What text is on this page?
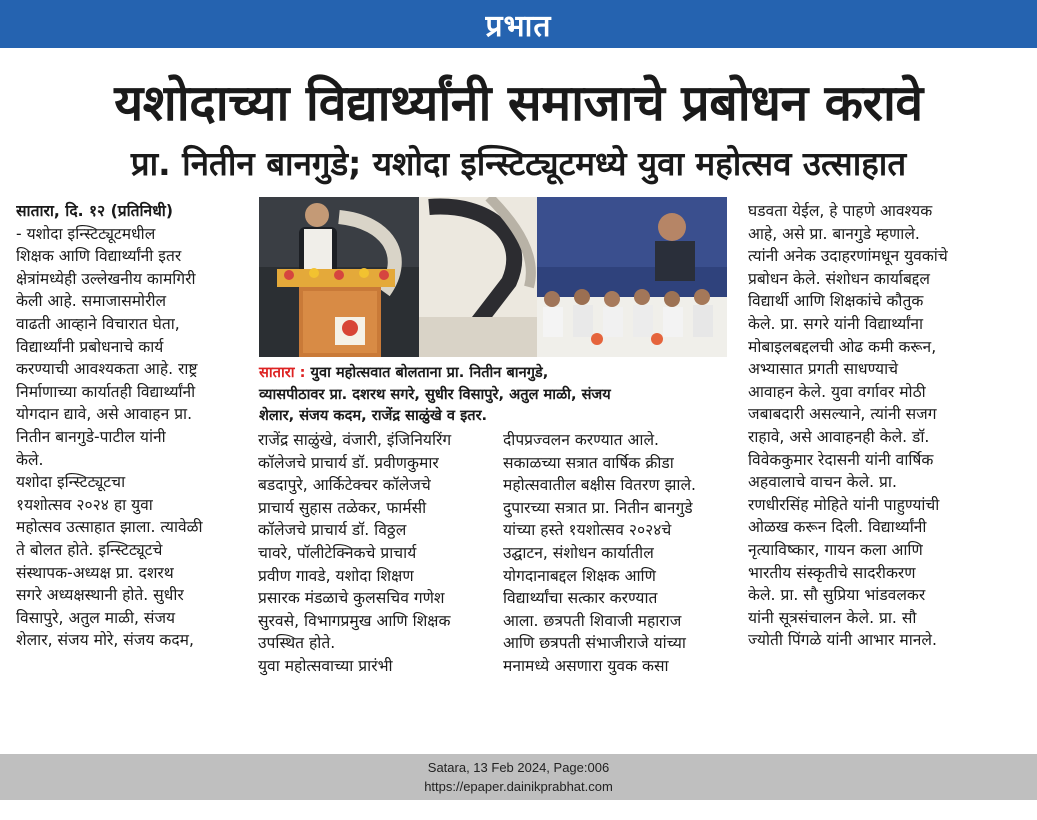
प्रभात
यशोदाच्या विद्यार्थ्यांनी समाजाचे प्रबोधन करावे
प्रा. नितीन बानगुडे; यशोदा इन्स्टिट्यूटमध्ये युवा महोत्सव उत्साहात
सातारा, दि. १२ (प्रतिनिधी)
- यशोदा इन्स्टिट्यूटमधील
शिक्षक आणि विद्यार्थ्यांनी इतर
क्षेत्रांमध्येही उल्लेखनीय कामगिरी
केली आहे. समाजासमोरील
वाढती आव्हाने विचारात घेता,
विद्यार्थ्यांनी प्रबोधनाचे कार्य
करण्याची आवश्यकता आहे. राष्ट्र
निर्माणाच्या कार्यातही विद्यार्थ्यांनी
योगदान द्यावे, असे आवाहन प्रा.
नितीन बानगुडे-पाटील यांनी
केले.
यशोदा इन्स्टिट्यूटचा
१यशोत्सव २०२४ हा युवा
महोत्सव उत्साहात झाला. त्यावेळी
ते बोलत होते. इन्स्टिट्यूटचे
संस्थापक-अध्यक्ष प्रा. दशरथ
सगरे अध्यक्षस्थानी होते. सुधीर
विसापुरे, अतुल माळी, संजय
शेलार, संजय मोरे, संजय कदम,
सातारा : युवा महोत्सवात बोलताना प्रा. नितीन बानगुडे,
व्यासपीठावर प्रा. दशरथ सगरे, सुधीर विसापुरे, अतुल माळी, संजय
शेलार, संजय कदम, राजेंद्र साळुंखे व इतर.
राजेंद्र साळुंखे, वंजारी, इंजिनियरिंग
कॉलेजचे प्राचार्य डॉ. प्रवीणकुमार
बडदापुरे, आर्किटेक्चर कॉलेजचे
प्राचार्य सुहास तळेकर, फार्मसी
कॉलेजचे प्राचार्य डॉ. विठ्ठल
चावरे, पॉलीटेक्निकचे प्राचार्य
प्रवीण गावडे, यशोदा शिक्षण
प्रसारक मंडळाचे कुलसचिव गणेश
सुरवसे, विभागप्रमुख आणि शिक्षक
उपस्थित होते.
युवा महोत्सवाच्या प्रारंभी
दीपप्रज्वलन करण्यात आले.
सकाळच्या सत्रात वार्षिक क्रीडा
महोत्सवातील बक्षीस वितरण झाले.
दुपारच्या सत्रात प्रा. नितीन बानगुडे
यांच्या हस्ते १यशोत्सव २०२४चे
उद्घाटन, संशोधन कार्यातील
योगदानाबद्दल शिक्षक आणि
विद्यार्थ्यांचा सत्कार करण्यात
आला. छत्रपती शिवाजी महाराज
आणि छत्रपती संभाजीराजे यांच्या
मनामध्ये असणारा युवक कसा
घडवता येईल, हे पाहणे आवश्यक
आहे, असे प्रा. बानगुडे म्हणाले.
त्यांनी अनेक उदाहरणांमधून युवकांचे
प्रबोधन केले. संशोधन कार्याबद्दल
विद्यार्थी आणि शिक्षकांचे कौतुक
केले. प्रा. सगरे यांनी विद्यार्थ्यांना
मोबाइलबद्दलची ओढ कमी करून,
अभ्यासात प्रगती साधण्याचे
आवाहन केले. युवा वर्गावर मोठी
जबाबदारी असल्याने, त्यांनी सजग
राहावे, असे आवाहनही केले. डॉ.
विवेककुमार रेदासनी यांनी वार्षिक
अहवालाचे वाचन केले. प्रा.
रणधीरसिंह मोहिते यांनी पाहुण्यांची
ओळख करून दिली. विद्यार्थ्यांनी
नृत्याविष्कार, गायन कला आणि
भारतीय संस्कृतीचे सादरीकरण
केले. प्रा. सौ सुप्रिया भांडवलकर
यांनी सूत्रसंचालन केले. प्रा. सौ
ज्योती पिंगळे यांनी आभार मानले.
Satara, 13 Feb 2024, Page:006
https://epaper.dainikprabhat.com
